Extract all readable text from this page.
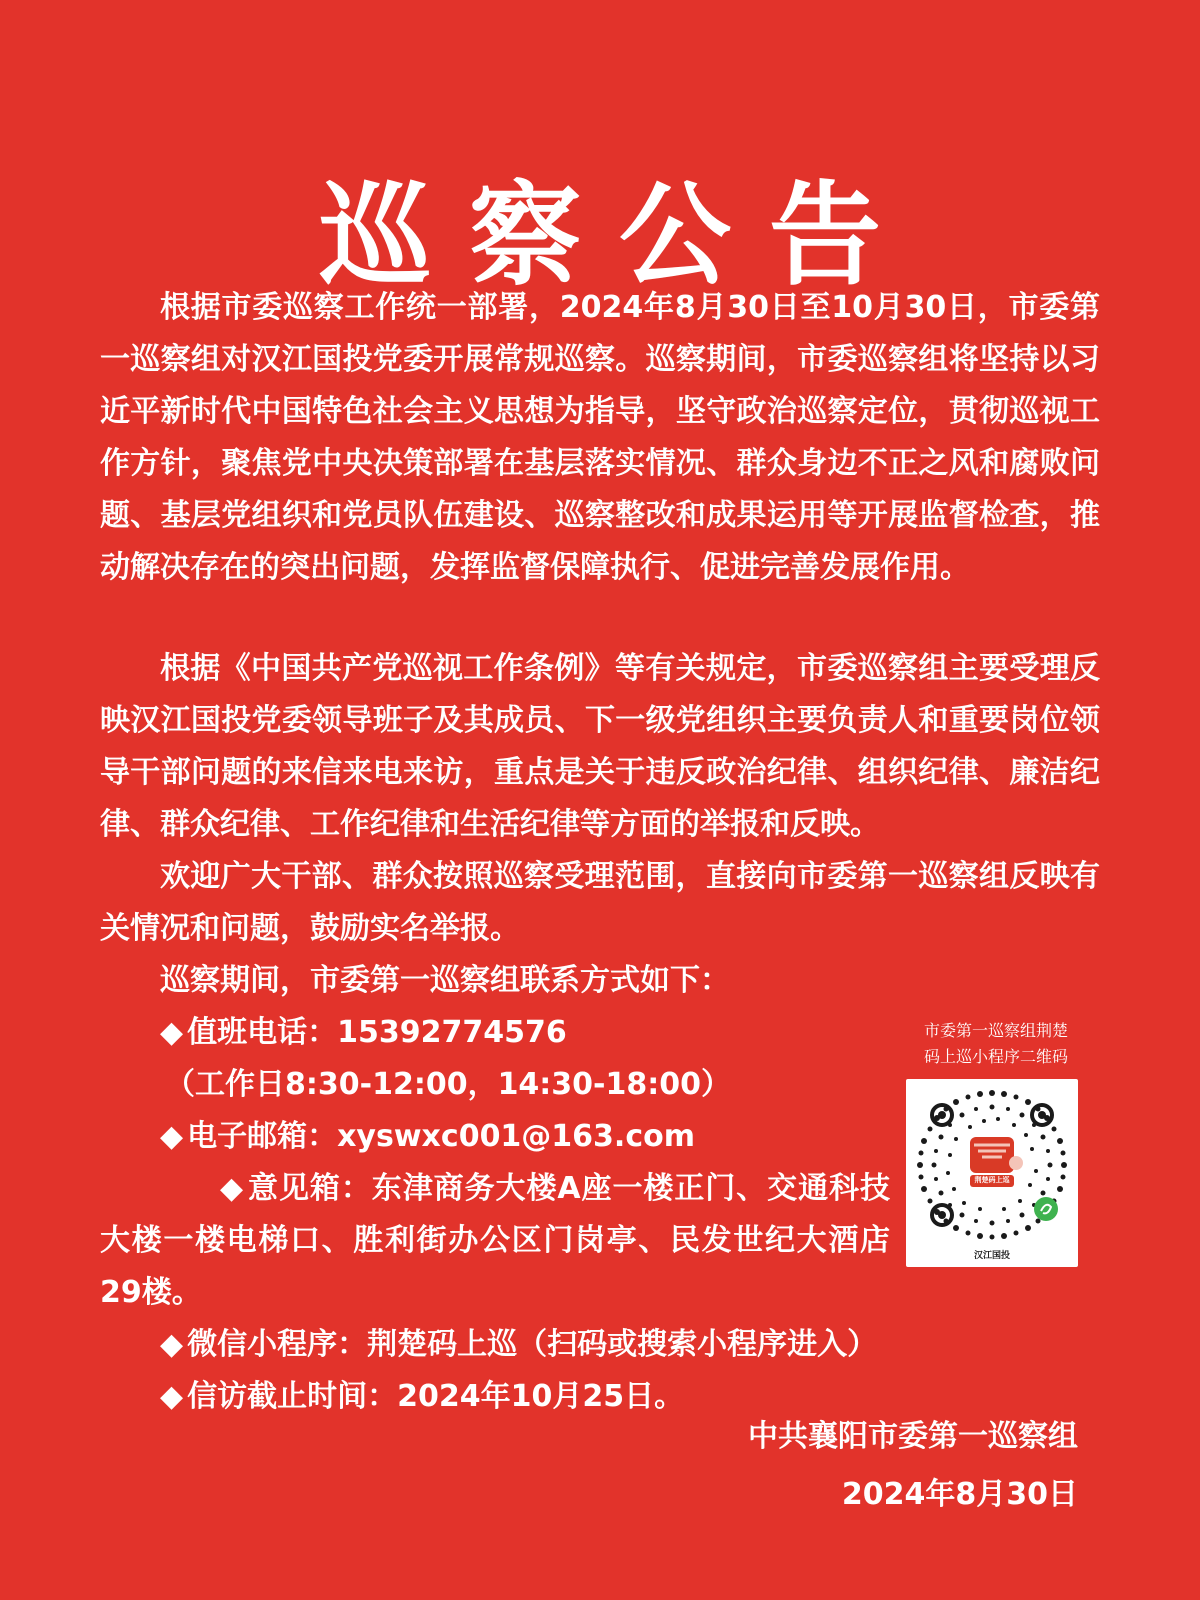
巡察公告

根据市委巡察工作统一部署，2024年8月30日至10月30日，市委第一巡察组对汉江国投党委开展常规巡察。巡察期间，市委巡察组将坚持以习近平新时代中国特色社会主义思想为指导，坚守政治巡察定位，贯彻巡视工作方针，聚焦党中央决策部署在基层落实情况、群众身边不正之风和腐败问题、基层党组织和党员队伍建设、巡察整改和成果运用等开展监督检查，推动解决存在的突出问题，发挥监督保障执行、促进完善发展作用。

根据《中国共产党巡视工作条例》等有关规定，市委巡察组主要受理反映汉江国投党委领导班子及其成员、下一级党组织主要负责人和重要岗位领导干部问题的来信来电来访，重点是关于违反政治纪律、组织纪律、廉洁纪律、群众纪律、工作纪律和生活纪律等方面的举报和反映。

欢迎广大干部、群众按照巡察受理范围，直接向市委第一巡察组反映有关情况和问题，鼓励实名举报。

巡察期间，市委第一巡察组联系方式如下：

◆ 值班电话：15392774576

（工作日8:30-12:00，14:30-18:00）

◆ 电子邮箱：xyswxc001@163.com

◆ 意见箱：东津商务大楼A座一楼正门、交通科技大楼一楼电梯口、胜利街办公区门岗亭、民发世纪大酒店29楼。

◆ 微信小程序：荆楚码上巡（扫码或搜索小程序进入）

◆ 信访截止时间：2024年10月25日。

市委第一巡察组荆楚
码上巡小程序二维码
荆楚码上巡
汉江国投
中共襄阳市委第一巡察组
2024年8月30日
